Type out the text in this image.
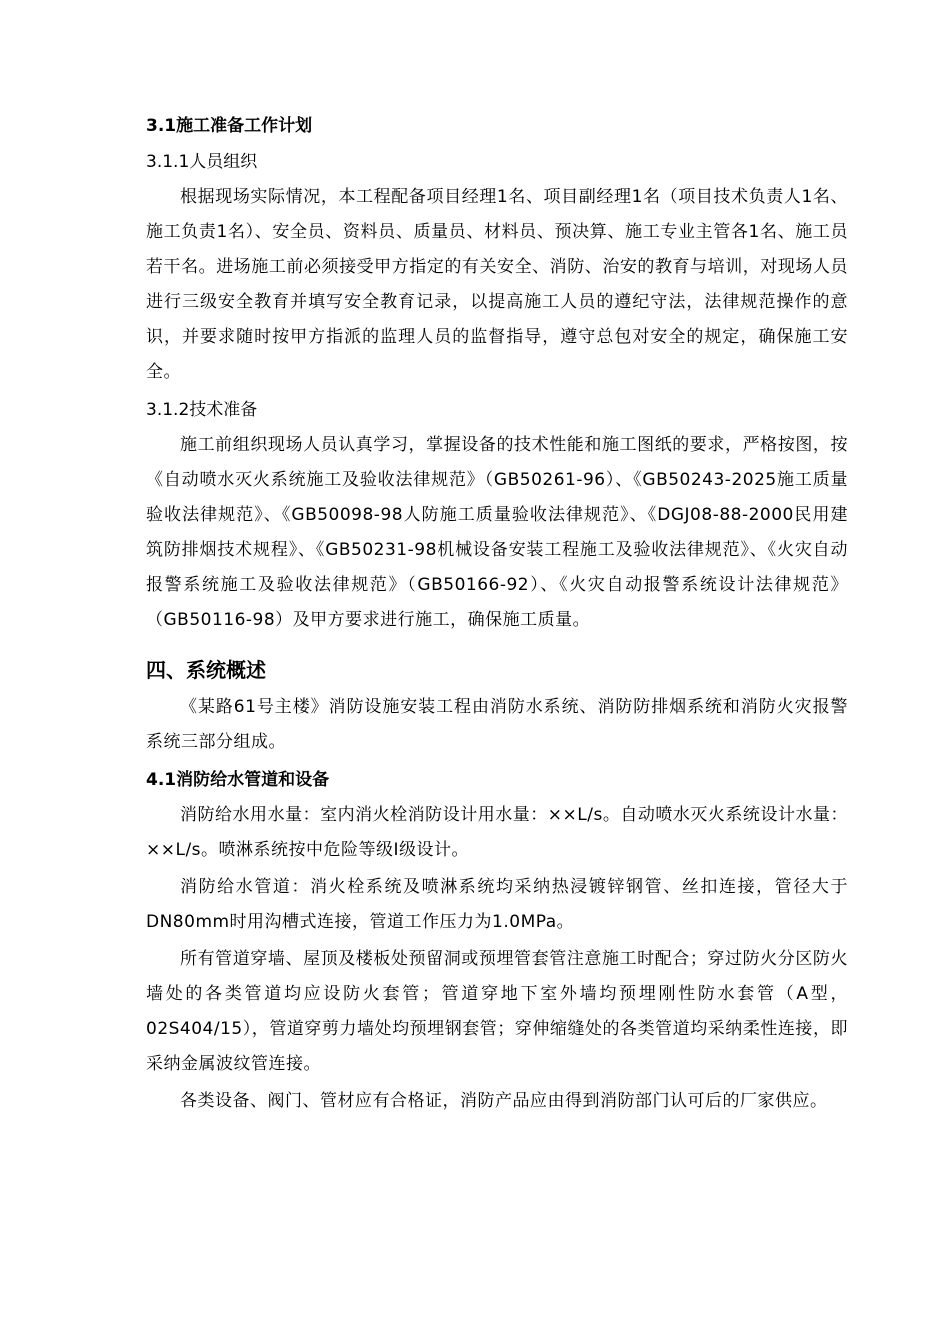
3.1施工准备工作计划

3.1.1人员组织

根据现场实际情况，本工程配备项目经理1名、项目副经理1名（项目技术负责人1名、施工负责1名）、安全员、资料员、质量员、材料员、预决算、施工专业主管各1名、施工员若干名。进场施工前必须接受甲方指定的有关安全、消防、治安的教育与培训，对现场人员进行三级安全教育并填写安全教育记录，以提高施工人员的遵纪守法，法律规范操作的意识，并要求随时按甲方指派的监理人员的监督指导，遵守总包对安全的规定，确保施工安全。

3.1.2技术准备

施工前组织现场人员认真学习，掌握设备的技术性能和施工图纸的要求，严格按图，按《自动喷水灭火系统施工及验收法律规范》（GB50261-96）、《GB50243-2025施工质量验收法律规范》、《GB50098-98人防施工质量验收法律规范》、《DGJ08-88-2000民用建筑防排烟技术规程》、《GB50231-98机械设备安装工程施工及验收法律规范》、《火灾自动报警系统施工及验收法律规范》（GB50166-92）、《火灾自动报警系统设计法律规范》（GB50116-98）及甲方要求进行施工，确保施工质量。

四、系统概述

《某路61号主楼》消防设施安装工程由消防水系统、消防防排烟系统和消防火灾报警系统三部分组成。

4.1消防给水管道和设备

消防给水用水量：室内消火栓消防设计用水量：××L/s。自动喷水灭火系统设计水量：××L/s。喷淋系统按中危险等级Ⅰ级设计。

消防给水管道：消火栓系统及喷淋系统均采纳热浸镀锌钢管、丝扣连接，管径大于DN80mm时用沟槽式连接，管道工作压力为1.0MPa。

所有管道穿墙、屋顶及楼板处预留洞或预埋管套管注意施工时配合；穿过防火分区防火墙处的各类管道均应设防火套管；管道穿地下室外墙均预埋刚性防水套管（A型，02S404/15），管道穿剪力墙处均预埋钢套管；穿伸缩缝处的各类管道均采纳柔性连接，即采纳金属波纹管连接。

各类设备、阀门、管材应有合格证，消防产品应由得到消防部门认可后的厂家供应。
